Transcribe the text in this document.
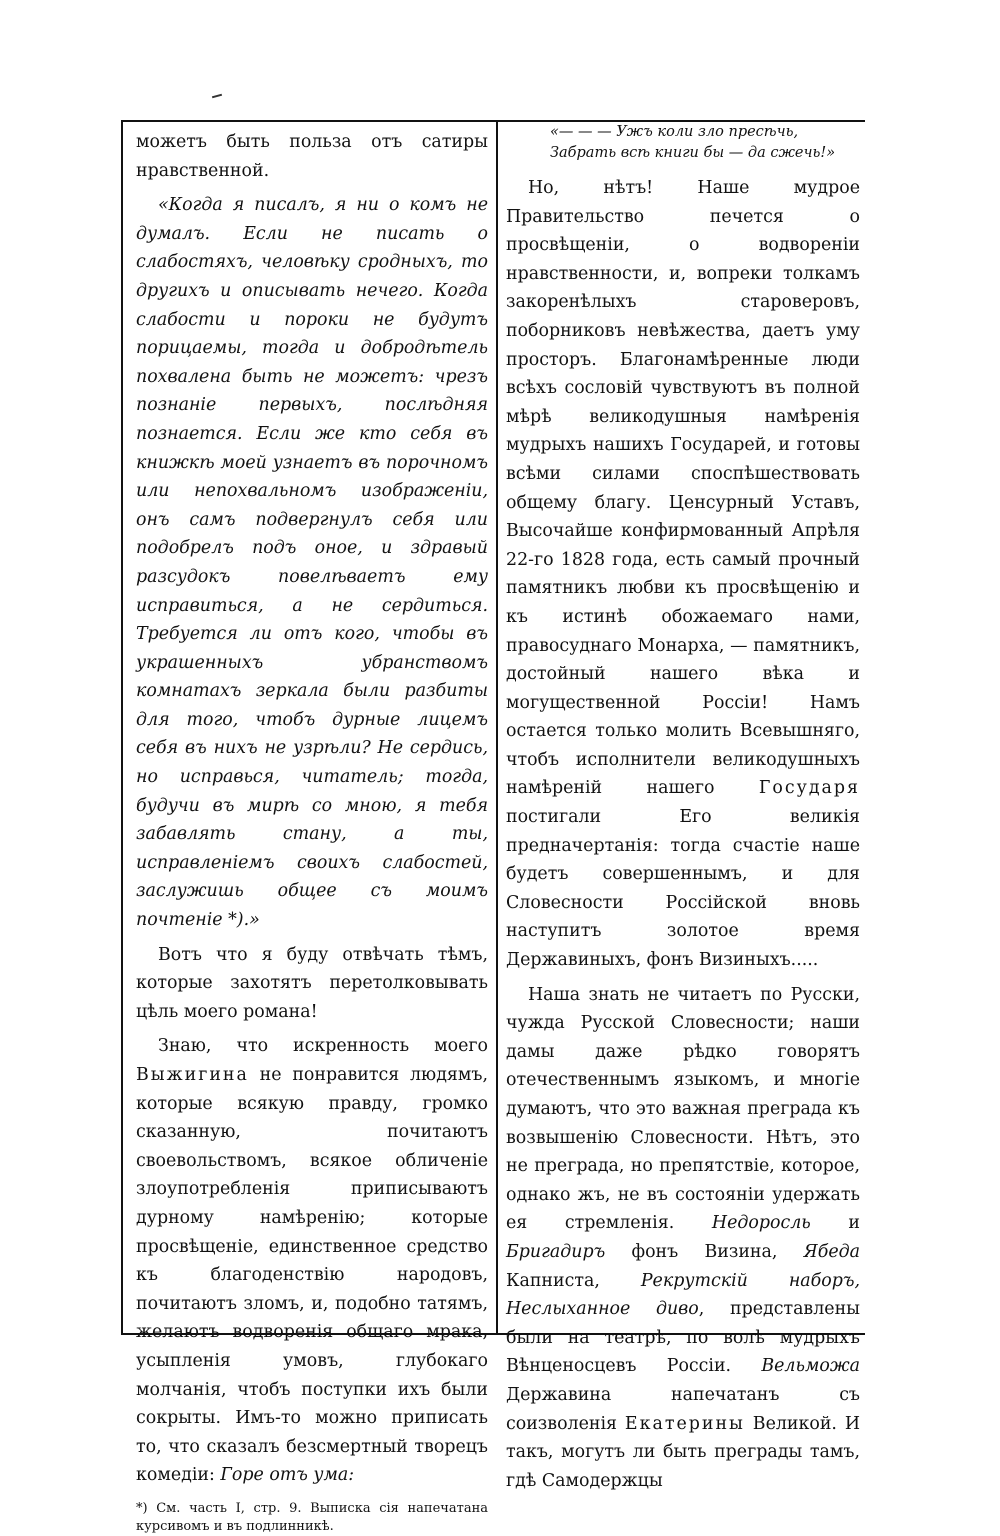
можетъ быть польза отъ сатиры нравственной.

«Когда я писалъ, я ни о комъ не думалъ. Если не писать о слабостяхъ, человѣку сродныхъ, то другихъ и описывать нечего. Когда слабости и пороки не будутъ порицаемы, тогда и добродѣтель похвалена быть не можетъ: чрезъ познаніе первыхъ, послѣдняя познается. Если же кто себя въ книжкѣ моей узнаетъ въ порочномъ или непохвальномъ изображеніи, онъ самъ подвергнулъ себя или подобрелъ подъ оное, и здравый разсудокъ повелѣваетъ ему исправиться, а не сердиться. Требуется ли отъ кого, чтобы въ украшенныхъ убранствомъ комнатахъ зеркала были разбиты для того, чтобъ дурные лицемъ себя въ нихъ не узрѣли? Не сердись, но исправься, читатель; тогда, будучи въ мирѣ со мною, я тебя забавлять стану, а ты, исправленіемъ своихъ слабостей, заслужишь общее съ моимъ почтеніе *).»

Вотъ что я буду отвѣчать тѣмъ, которые захотятъ перетолковывать цѣль моего романа!

Знаю, что искренность моего Выжигина не понравится людямъ, которые всякую правду, громко сказанную, почитаютъ своевольствомъ, всякое обличеніе злоупотребленія приписываютъ дурному намѣренію; которые просвѣщеніе, единственное средство къ благоденствію народовъ, почитаютъ зломъ, и, подобно татямъ, желаютъ водворенія общаго мрака, усыпленія умовъ, глубокаго молчанія, чтобъ поступки ихъ были сокрыты. Имъ-то можно приписать то, что сказалъ безсмертный творецъ комедіи: Горе отъ ума:

*) См. часть I, стр. 9. Выписка сія напечатана курсивомъ и въ подлинникѣ.

«— — — Ужъ коли зло пресѣчь,
Забрать всѣ книги бы — да сжечь!»

Но, нѣтъ! Наше мудрое Правительство печется о просвѣщеніи, о водвореніи нравственности, и, вопреки толкамъ закоренѣлыхъ староверовъ, поборниковъ невѣжества, даетъ уму просторъ. Благонамѣренные люди всѣхъ сословій чувствуютъ въ полной мѣрѣ великодушныя намѣренія мудрыхъ нашихъ Государей, и готовы всѣми силами споспѣшествовать общему благу. Ценсурный Уставъ, Высочайше конфирмованный Апрѣля 22-го 1828 года, есть самый прочный памятникъ любви къ просвѣщенію и къ истинѣ обожаемаго нами, правосуднаго Монарха, — памятникъ, достойный нашего вѣка и могущественной Россіи! Намъ остается только молить Всевышняго, чтобъ исполнители великодушныхъ намѣреній нашего Государя постигали Его великія предначертанія: тогда счастіе наше будетъ совершеннымъ, и для Словесности Россійской вновь наступитъ золотое время Державиныхъ, фонъ Визиныхъ.....

Наша знать не читаетъ по Русски, чужда Русской Словесности; наши дамы даже рѣдко говорятъ отечественнымъ языкомъ, и многіе думаютъ, что это важная преграда къ возвышенію Словесности. Нѣтъ, это не преграда, но препятствіе, которое, однако жъ, не въ состояніи удержать ея стремленія. Недоросль и Бригадиръ фонъ Визина, Ябеда Капниста, Рекрутскій наборъ, Неслыханное диво, представлены были на театрѣ, по волѣ мудрыхъ Вѣнценосцевъ Россіи. Вельможа Державина напечатанъ съ соизволенія Екатерины Великой. И такъ, могутъ ли быть преграды тамъ, гдѣ Самодержцы
